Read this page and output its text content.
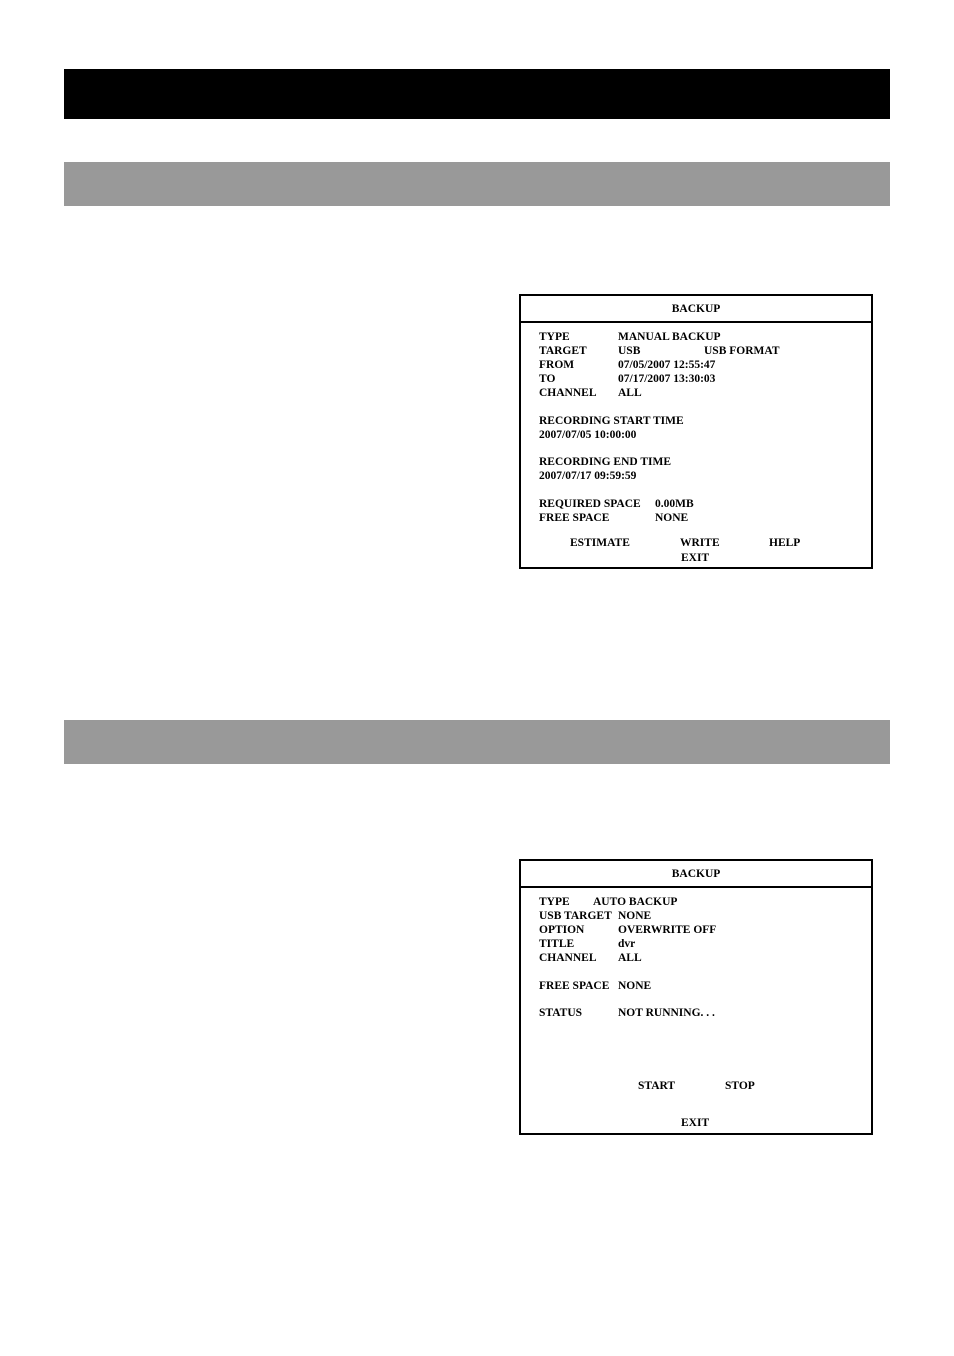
BACKUP
TYPE	MANUAL BACKUP
TARGET	USB	USB FORMAT
FROM	07/05/2007 12:55:47
TO	07/17/2007 13:30:03
CHANNEL ALL
RECORDING START TIME
2007/07/05 10:00:00
RECORDING END TIME
2007/07/17 09:59:59
REQUIRED SPACE 0.00MB
FREE SPACE	NONE
ESTIMATE	WRITE	HELP
EXIT
BACKUP
TYPE AUTO BACKUP
USB TARGET NONE
OPTION	OVERWRITE OFF
TITLE	dvr
CHANNEL ALL
FREE SPACE NONE
STATUS	NOT RUNNING. . .
START	STOP
EXIT
